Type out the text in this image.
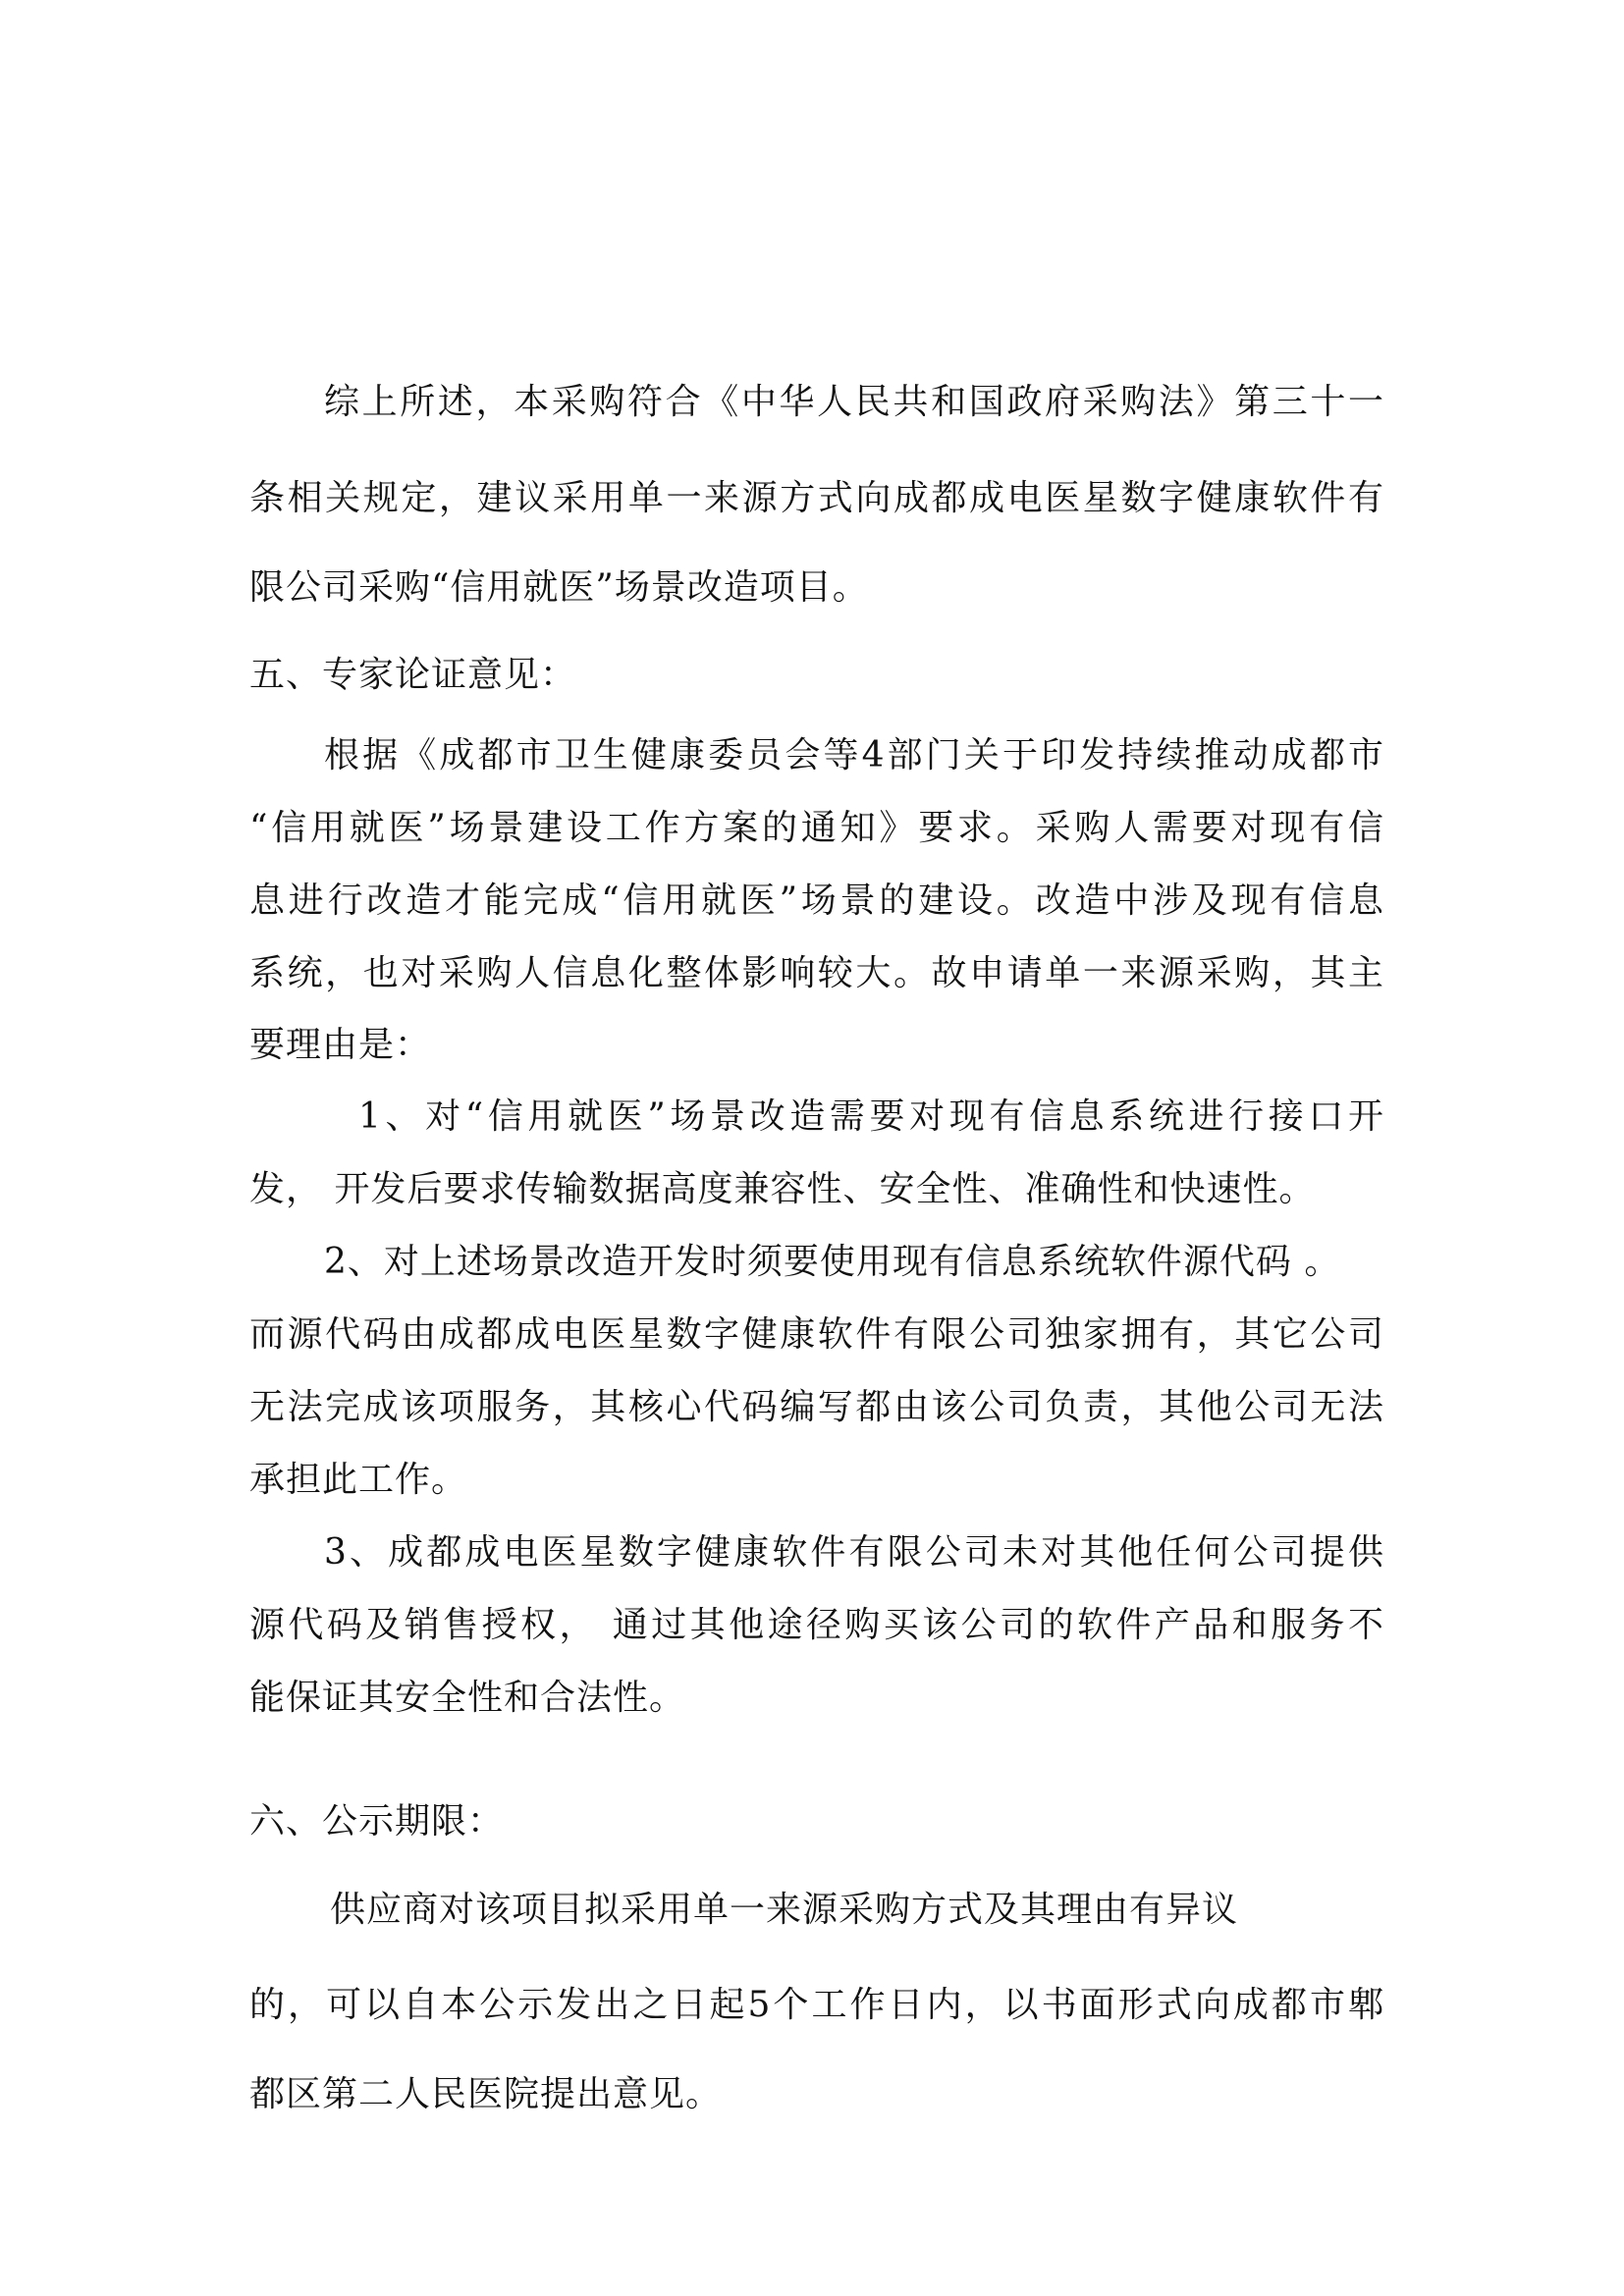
综上所述，本采购符合《中华人民共和国政府采购法》第三十一
条相关规定，建议采用单一来源方式向成都成电医星数字健康软件有
限公司采购“信用就医”场景改造项目。
五、专家论证意见：
根据《成都市卫生健康委员会等4部门关于印发持续推动成都市
“信用就医”场景建设工作方案的通知》要求。采购人需要对现有信
息进行改造才能完成“信用就医”场景的建设。改造中涉及现有信息
系统，也对采购人信息化整体影响较大。故申请单一来源采购，其主
要理由是：
1、对“信用就医”场景改造需要对现有信息系统进行接口开
发， 开发后要求传输数据高度兼容性、安全性、准确性和快速性。
2、对上述场景改造开发时须要使用现有信息系统软件源代码 。
而源代码由成都成电医星数字健康软件有限公司独家拥有，其它公司
无法完成该项服务，其核心代码编写都由该公司负责，其他公司无法
承担此工作。
3、成都成电医星数字健康软件有限公司未对其他任何公司提供
源代码及销售授权， 通过其他途径购买该公司的软件产品和服务不
能保证其安全性和合法性。
六、公示期限：
供应商对该项目拟采用单一来源采购方式及其理由有异议
的，可以自本公示发出之日起5个工作日内，以书面形式向成都市郫
都区第二人民医院提出意见。
